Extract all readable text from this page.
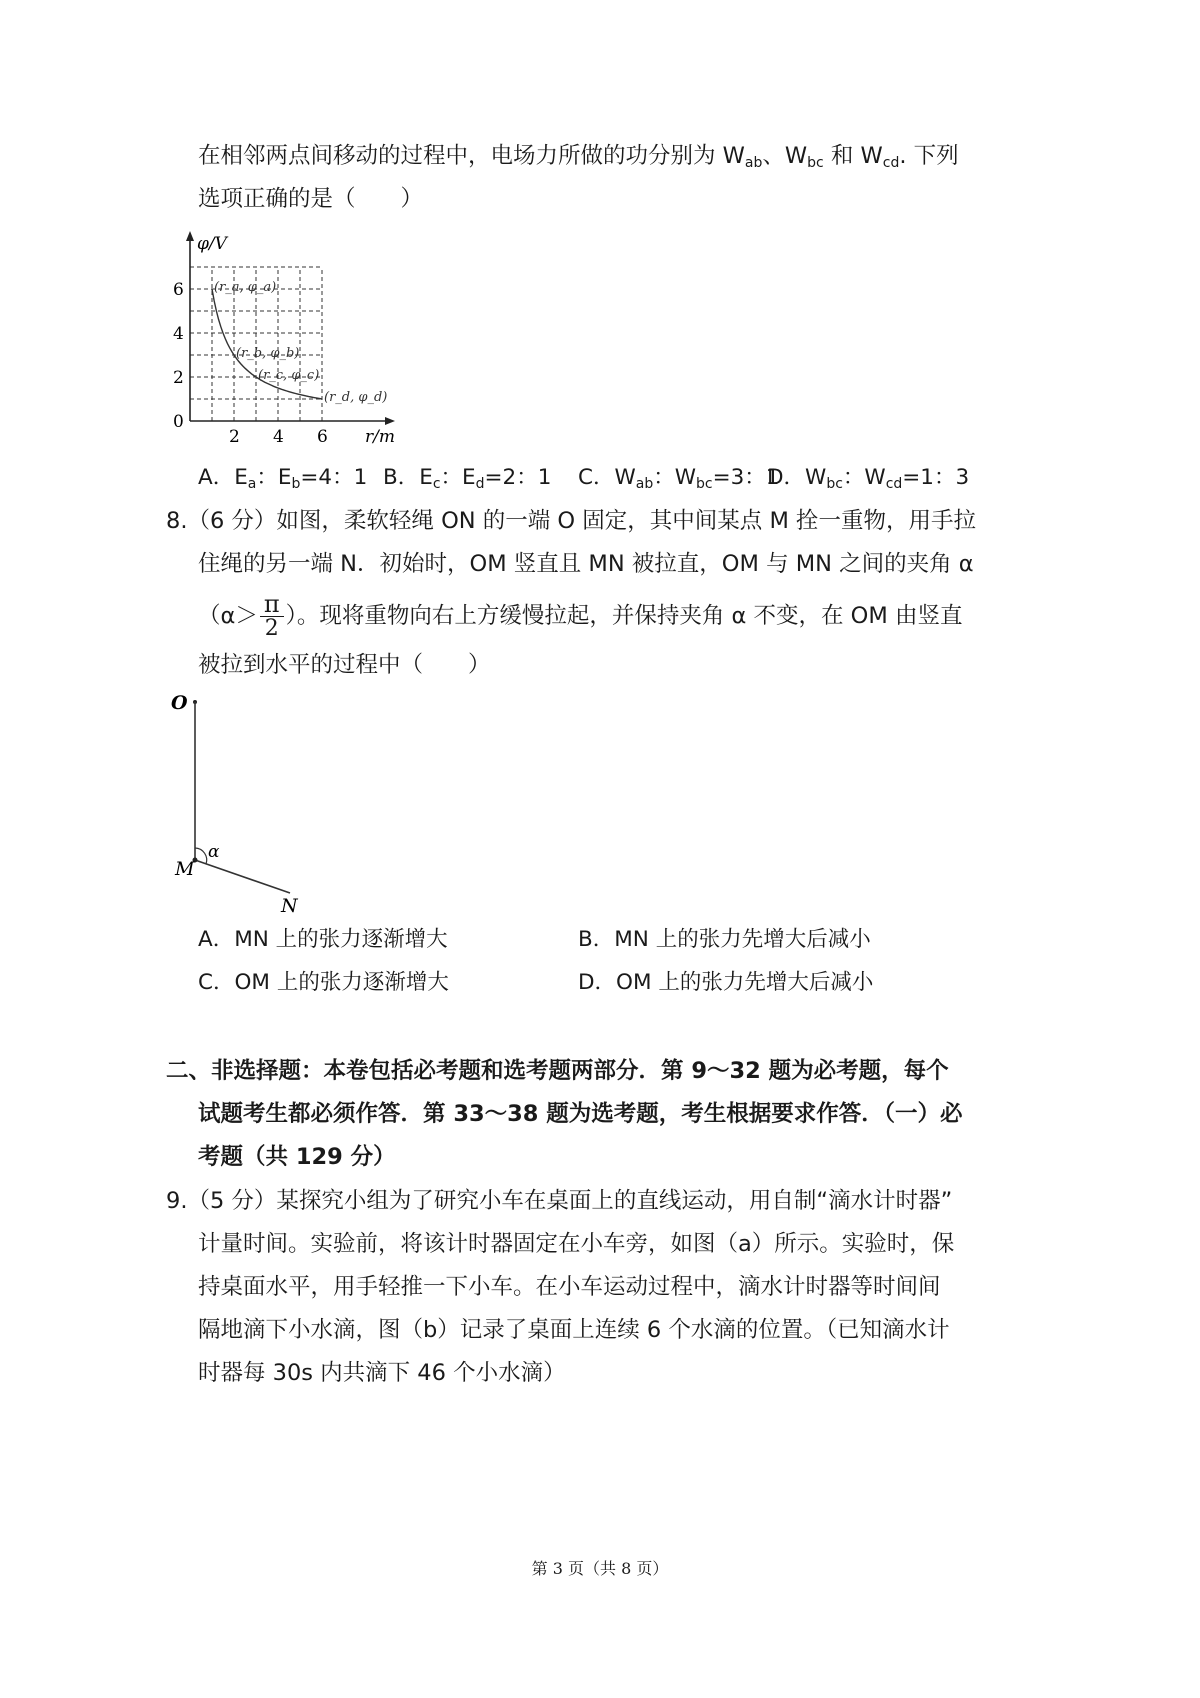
在相邻两点间移动的过程中，电场力所做的功分别为 $W_{ab}$、$W_{bc}$ 和 $W_{cd}$. 下列
选项正确的是（　　）
φ/V
r/m
0
2
4
6
2 4 6
(r_a, φ_a)
(r_b, φ_b)
(r_c, φ_c)
(r_d, φ_d)
A．$E_a$：$E_b=4$：1 B．$E_c$：$E_d=2$：1 C．$W_{ab}$：$W_{bc}=3$：1
D．$W_{bc}$：$W_{cd}=1$：3
8.（6 分）如图，柔软轻绳 ON 的一端 O 固定，其中间某点 M 拴一重物，用手拉
住绳的另一端 N．初始时，OM 竖直且 MN 被拉直，OM 与 MN 之间的夹角 α
（$\alpha> \frac{\pi}{2}$ ）。现将重物向右上方缓慢拉起，并保持夹角 α 不变，在 OM 由竖直
被拉到水平的过程中（　　）
O
α
M
N
A．MN 上的张力逐渐增大	B．MN 上的张力先增大后减小
C．OM 上的张力逐渐增大	D．OM 上的张力先增大后减小
二、非选择题：本卷包括必考题和选考题两部分．第 9～32 题为必考题，每个
试题考生都必须作答．第 33～38 题为选考题，考生根据要求作答．（一）必
考题（共 129 分）
9.（5 分）某探究小组为了研究小车在桌面上的直线运动，用自制“滴水计时器”
计量时间。实验前，将该计时器固定在小车旁，如图（a）所示。实验时，保
持桌面水平，用手轻推一下小车。在小车运动过程中，滴水计时器等时间间
隔地滴下小水滴，图（b）记录了桌面上连续 6 个水滴的位置。（已知滴水计
时器每 30s 内共滴下 46 个小水滴）
第 3 页（共 8 页）
